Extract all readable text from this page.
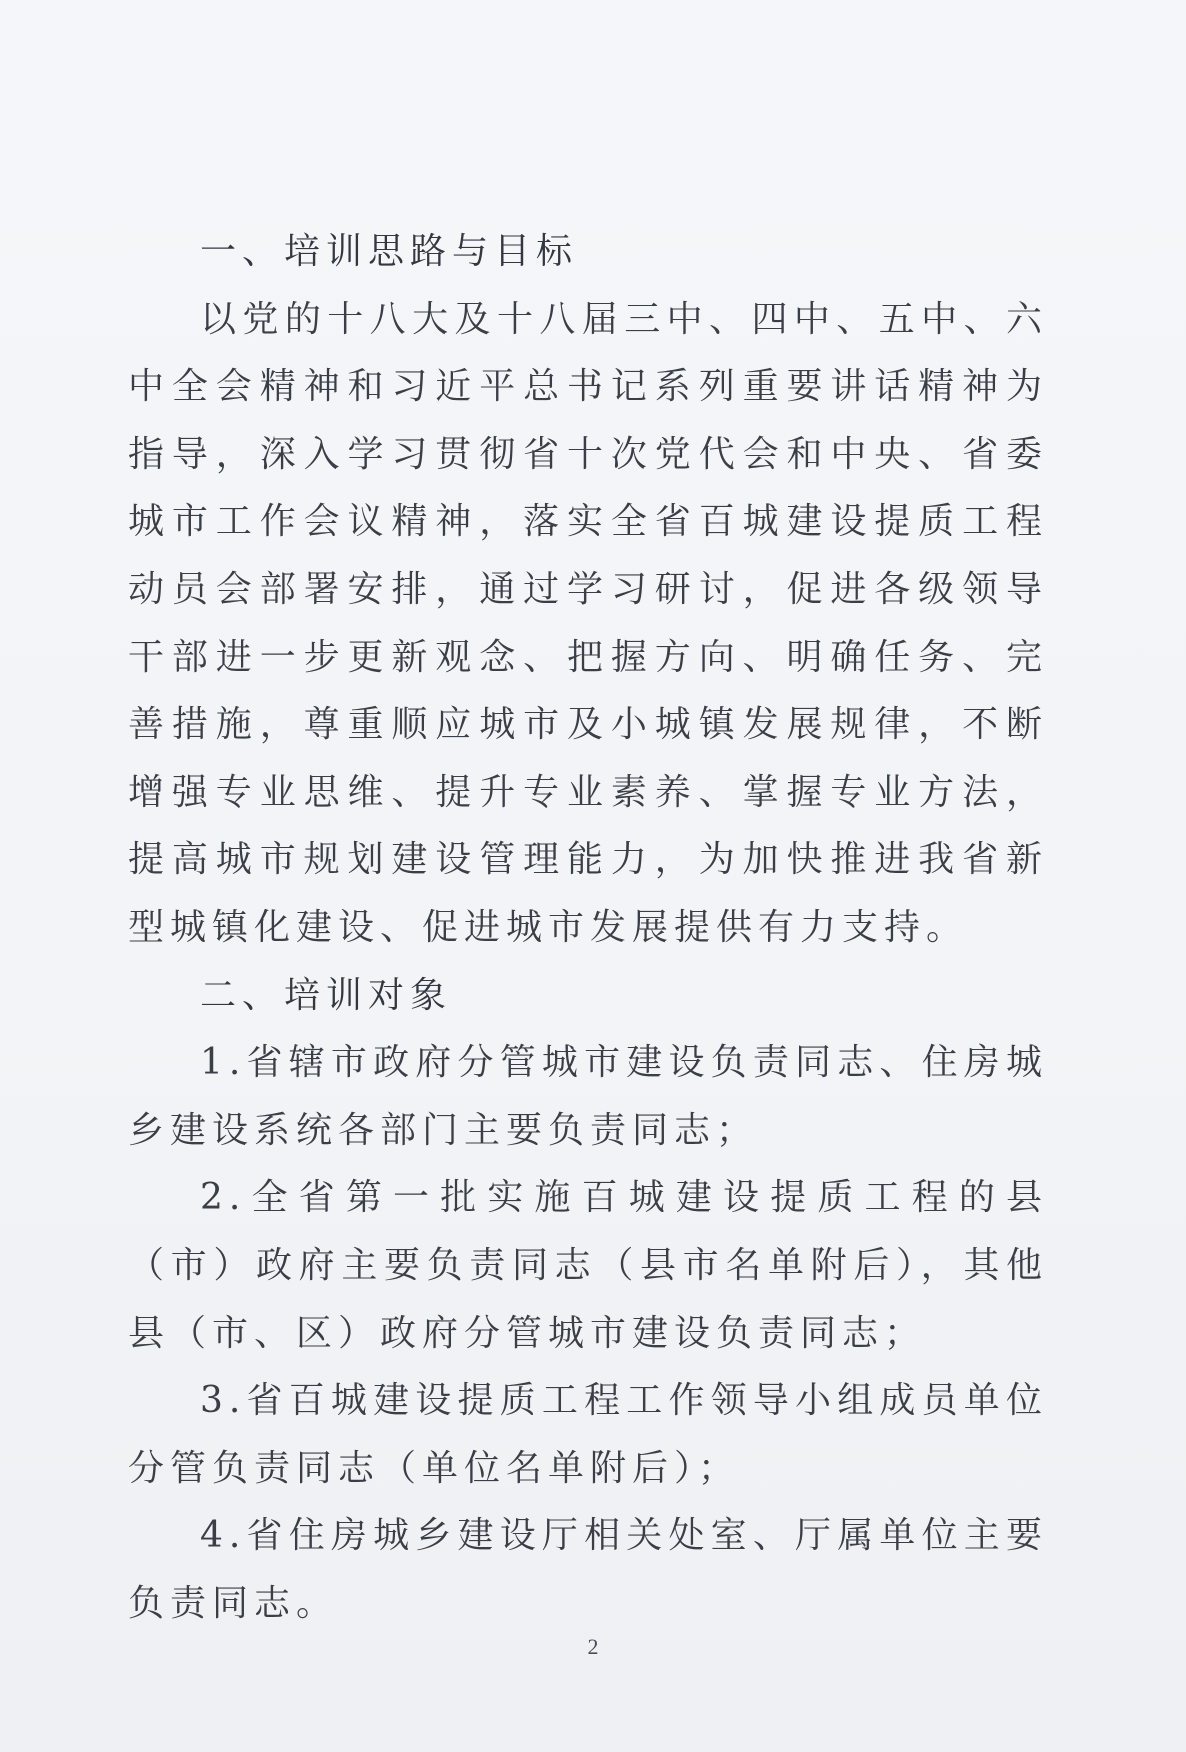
一、培训思路与目标

以党的十八大及十八届三中、四中、五中、六中全会精神和习近平总书记系列重要讲话精神为指导，深入学习贯彻省十次党代会和中央、省委城市工作会议精神，落实全省百城建设提质工程动员会部署安排，通过学习研讨，促进各级领导干部进一步更新观念、把握方向、明确任务、完善措施，尊重顺应城市及小城镇发展规律，不断增强专业思维、提升专业素养、掌握专业方法，提高城市规划建设管理能力，为加快推进我省新型城镇化建设、促进城市发展提供有力支持。

二、培训对象

1.省辖市政府分管城市建设负责同志、住房城乡建设系统各部门主要负责同志；

2.全省第一批实施百城建设提质工程的县（市）政府主要负责同志（县市名单附后），其他县（市、区）政府分管城市建设负责同志；

3.省百城建设提质工程工作领导小组成员单位分管负责同志（单位名单附后）；

4.省住房城乡建设厅相关处室、厅属单位主要负责同志。

2
